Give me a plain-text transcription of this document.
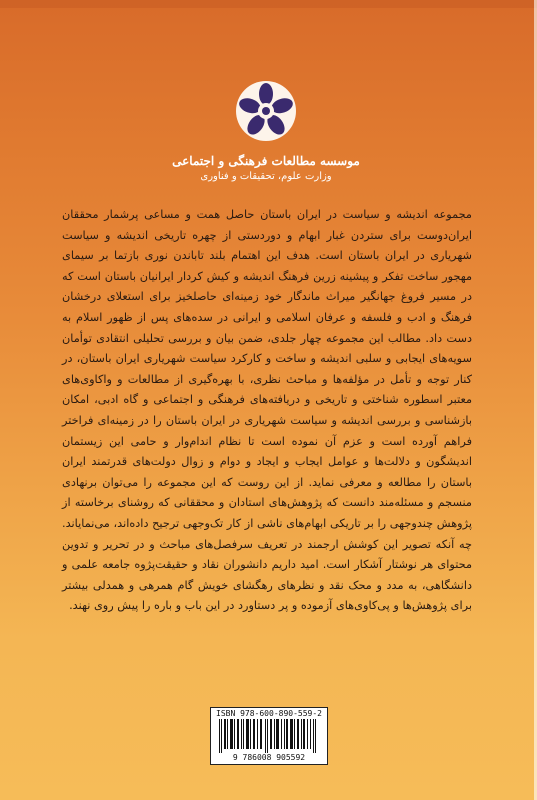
موسسه مطالعات فرهنگی و اجتماعی
وزارت علوم، تحقیقات و فناوری
مجموعه اندیشه و سیاست در ایران باستان حاصل همت و مساعی پرشمار محققان ایران‌دوست برای ستردن غبار ابهام و دوردستی از چهره تاریخی اندیشه و سیاست شهریاری در ایران باستان است. هدف این اهتمام بلند تاباندن نوری بازتما بر سیمای مهجور ساخت تفکر و پیشینه زرین فرهنگ اندیشه و کیش کردار ایرانیان باستان است که در مسیر فروغ جهانگیر میراث ماندگار خود زمینه‌ای حاصلخیز برای استعلای درخشان فرهنگ و ادب و فلسفه و عرفان اسلامی و ایرانی در سده‌های پس از ظهور اسلام به دست داد. مطالب این مجموعه چهار جلدی، ضمن بیان و بررسی تحلیلی انتقادی توأمان سویه‌های ایجابی و سلبی اندیشه و ساخت و کارکرد سیاست شهریاری ایران باستان، در کنار توجه و تأمل در مؤلفه‌ها و مباحث نظری، با بهره‌گیری از مطالعات و واکاوی‌های معتبر اسطوره شناختی و تاریخی و دریافته‌های فرهنگی و اجتماعی و گاه ادبی، امکان بازشناسی و بررسی اندیشه و سیاست شهریاری در ایران باستان را در زمینه‌ای فراختر فراهم آورده است و عزم آن نموده است تا نظام اندام‌وار و حامی این زیستمان اندیشگون و دلالت‌ها و عوامل ایجاب و ایجاد و دوام و زوال دولت‌های قدرتمند ایران باستان را مطالعه و معرفی نماید. از این روست که این مجموعه را می‌توان برنهادی منسجم و مسئله‌مند دانست که پژوهش‌های استادان و محققانی که روشنای برخاسته از پژوهش چندوجهی را بر تاریکی ابهام‌های ناشی از کار تک‌وجهی ترجیح داده‌اند، می‌نمایاند. چه آنکه تصویر این کوشش ارجمند در تعریف سرفصل‌های مباحث و در تحریر و تدوین محتوای هر نوشتار آشکار است. امید داریم دانشوران نقاد و حقیقت‌پژوه جامعه علمی و دانشگاهی، به مدد و محک نقد و نظرهای رهگشای خویش گام همرهی و همدلی بیشتر برای پژوهش‌ها و پی‌کاوی‌های آزموده و پر دستاورد در این باب و باره را پیش روی نهند.
ISBN 978-600-890-559-2
9 786008 905592
